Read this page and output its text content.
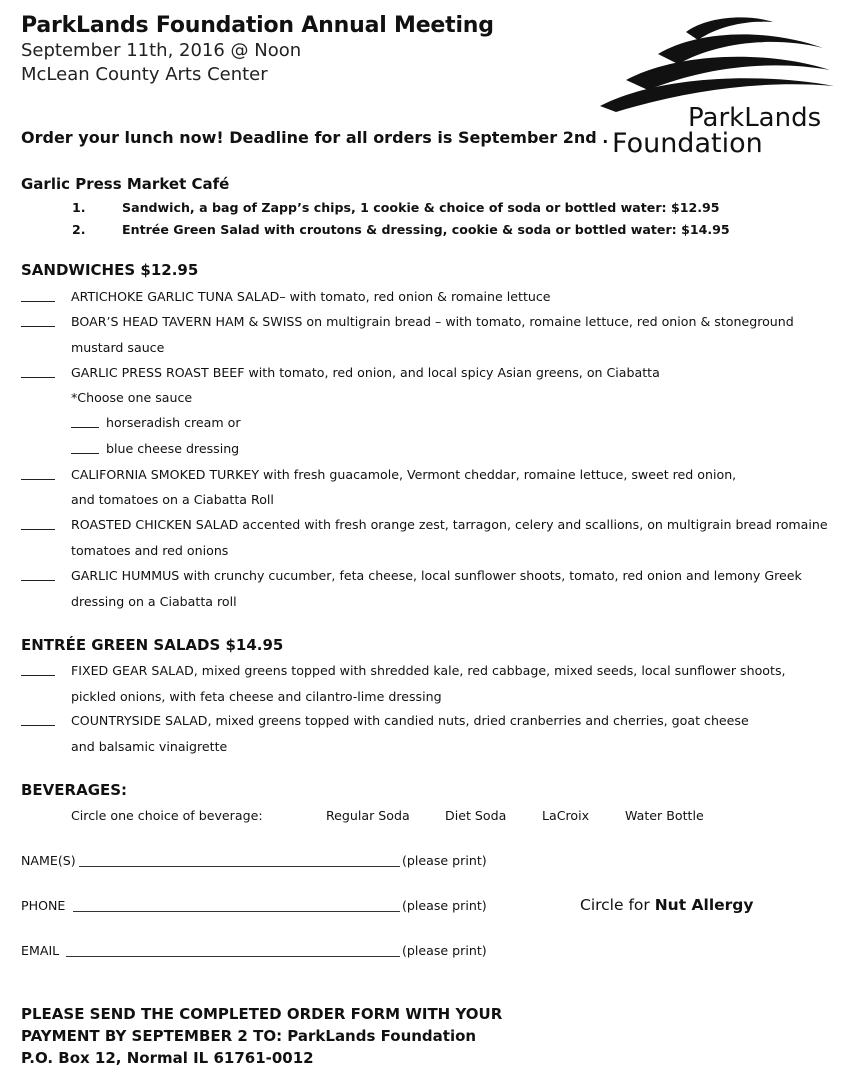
ParkLands Foundation Annual Meeting
September 11th, 2016 @ Noon
McLean County Arts Center
ParkLands
Foundation
Order your lunch now! Deadline for all orders is September 2nd .
Garlic Press Market Café
1.	Sandwich, a bag of Zapp’s chips, 1 cookie & choice of soda or bottled water: $12.95
2.	Entrée Green Salad with croutons & dressing, cookie & soda or bottled water: $14.95
SANDWICHES $12.95
ARTICHOKE GARLIC TUNA SALAD– with tomato, red onion & romaine lettuce
BOAR’S HEAD TAVERN HAM & SWISS on multigrain bread – with tomato, romaine lettuce, red onion & stoneground
mustard sauce
GARLIC PRESS ROAST BEEF with tomato, red onion, and local spicy Asian greens, on Ciabatta
*Choose one sauce
horseradish cream or
blue cheese dressing
CALIFORNIA SMOKED TURKEY with fresh guacamole, Vermont cheddar, romaine lettuce, sweet red onion,
and tomatoes on a Ciabatta Roll
ROASTED CHICKEN SALAD accented with fresh orange zest, tarragon, celery and scallions, on multigrain bread romaine
tomatoes and red onions
GARLIC HUMMUS with crunchy cucumber, feta cheese, local sunflower shoots, tomato, red onion and lemony Greek
dressing on a Ciabatta roll
ENTRÉE GREEN SALADS $14.95
FIXED GEAR SALAD, mixed greens topped with shredded kale, red cabbage, mixed seeds, local sunflower shoots,
pickled onions, with feta cheese and cilantro-lime dressing
COUNTRYSIDE SALAD, mixed greens topped with candied nuts, dried cranberries and cherries, goat cheese
and balsamic vinaigrette
BEVERAGES:
Circle one choice of beverage:	Regular Soda	Diet Soda	LaCroix	Water Bottle
NAME(S)	(please print)
PHONE	(please print)	Circle for Nut Allergy
EMAIL	(please print)
PLEASE SEND THE COMPLETED ORDER FORM WITH YOUR
PAYMENT BY SEPTEMBER 2 TO: ParkLands Foundation
P.O. Box 12, Normal IL 61761-0012
